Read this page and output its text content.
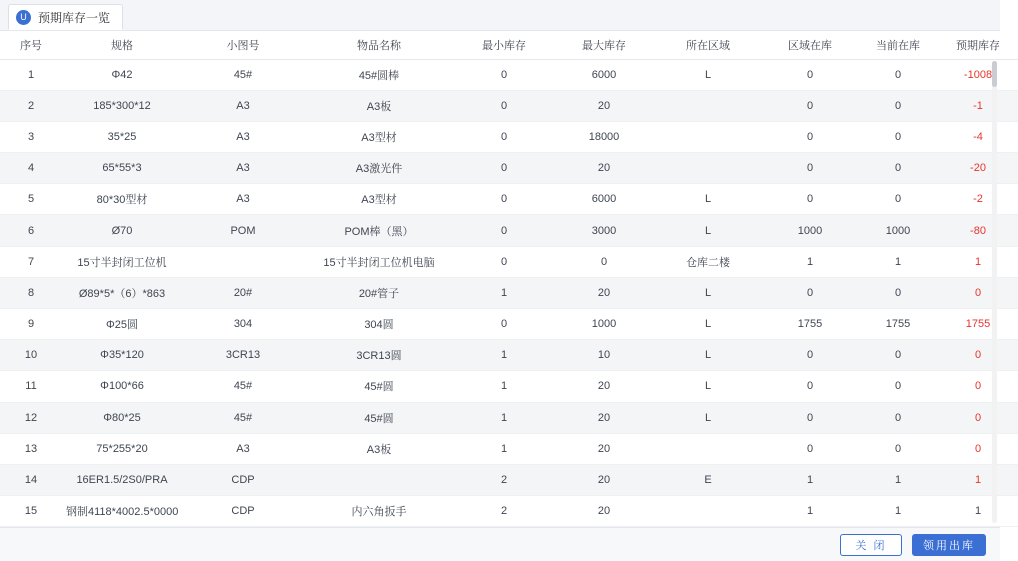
U 预期库存一览
序号	规格	小图号	物品名称	最小库存	最大库存	所在区域	区域在库	当前在库	预期库存
1	Φ42	45#	45#圆棒	0	6000	L	0	0	-1008
2	185*300*12	A3	A3板	0	20		0	0	-1
3	35*25	A3	A3型材	0	18000		0	0	-4
4	65*55*3	A3	A3激光件	0	20		0	0	-20
5	80*30型材	A3	A3型材	0	6000	L	0	0	-2
6	Ø70	POM	POM棒（黑）	0	3000	L	1000	1000	-80
7	15寸半封闭工位机		15寸半封闭工位机电脑	0	0	仓库二楼	1	1	1
8	Ø89*5*（6）*863	20#	20#管子	1	20	L	0	0	0
9	Φ25圆	304	304圆	0	1000	L	1755	1755	1755
10	Φ35*120	3CR13	3CR13圆	1	10	L	0	0	0
11	Φ100*66	45#	45#圆	1	20	L	0	0	0
12	Φ80*25	45#	45#圆	1	20	L	0	0	0
13	75*255*20	A3	A3板	1	20		0	0	0
14	16ER1.5/2S0/PRA	CDP		2	20	E	1	1	1
15	钢制4118*4002.5*0000	CDP	内六角扳手	2	20		1	1	1
关 闭	领用出库
